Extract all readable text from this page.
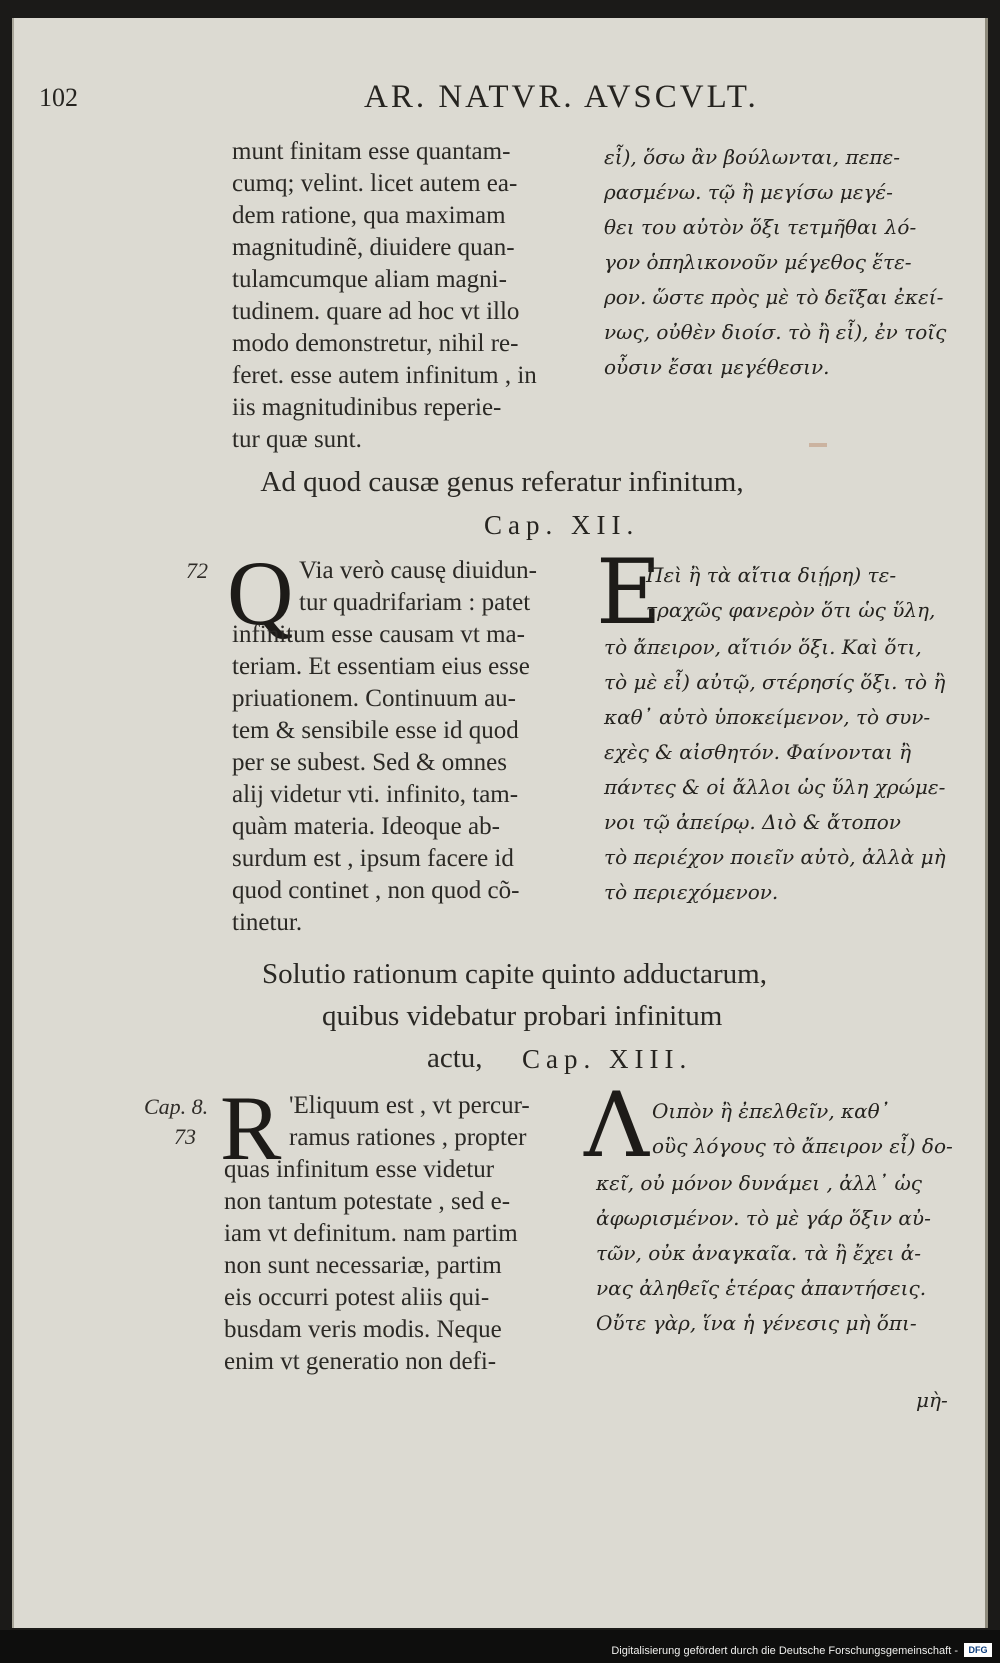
102	AR. NATVR. AVSCVLT.
munt finitam esse quantam-
cumq; velint. licet autem ea-
dem ratione, qua maximam
magnitudinẽ, diuidere quan-
tulamcumque aliam magni-
tudinem. quare ad hoc vt illo
modo demonstretur, nihil re-
feret. esse autem infinitum , in
iis magnitudinibus reperie-
tur quæ sunt.
εἶ), ὅσω ἂν βούλωνται, πεπε-
ρασμένω. τῷ ἢ μεγίσω μεγέ-
θει του αὐτὸν ὅξι τετμῆθαι λό-
γον ὁπηλικονοῦν μέγεθος ἕτε-
ρον. ὥστε πρὸς μὲ τὸ δεῖξαι ἐκεί-
νως, οὐθὲν διοίσ. τὸ ἢ εἶ), ἐν τοῖς
οὖσιν ἔσαι μεγέθεσιν.
Ad quod causæ genus referatur infinitum,
Cap. XII.
72 Q Via verò causę diuidun-
tur quadrifariam : patet
infinitum esse causam vt ma-
teriam. Et essentiam eius esse
priuationem. Continuum au-
tem & sensibile esse id quod
per se subest. Sed & omnes
alij videtur vti. infinito, tam-
quàm materia. Ideoque ab-
surdum est , ipsum facere id
quod continet , non quod cõ-
tinetur.
E
Πεὶ ἢ τὰ αἴτια διῄρη) τε-
τραχῶς φανερὸν ὅτι ὡς ὕλη,
τὸ ἄπειρον, αἴτιόν ὅξι. Καὶ ὅτι,
τὸ μὲ εἶ) αὐτῷ, στέρησίς ὅξι. τὸ ἢ
καθ᾽ αὑτὸ ὑποκείμενον, τὸ συν-
εχὲς & αἰσθητόν. Φαίνονται ἢ
πάντες & οἱ ἄλλοι ὡς ὕλη χρώμε-
νοι τῷ ἀπείρῳ. Διὸ & ἄτοπον
τὸ περιέχον ποιεῖν αὐτὸ, ἀλλὰ μὴ
τὸ περιεχόμενον.
Solutio rationum capite quinto adductarum,
quibus videbatur probari infinitum
actu, Cap. XIII.
Cap. 8.
73 R 'Eliquum est , vt percur-
ramus rationes , propter
quas infinitum esse videtur
non tantum potestate , sed e-
iam vt definitum. nam partim
non sunt necessariæ, partim
eis occurri potest aliis qui-
busdam veris modis. Neque
enim vt generatio non defi-
Λ Οιπὸν ἢ ἐπελθεῖν, καθ᾽
οὓς λόγους τὸ ἄπειρον εἶ) δο-
κεῖ, οὐ μόνον δυνάμει , ἀλλ᾽ ὡς
ἀφωρισμένον. τὸ μὲ γάρ ὅξιν αὐ-
τῶν, οὐκ ἀναγκαῖα. τὰ ἢ ἔχει ἀ-
νας ἀληθεῖς ἑτέρας ἀπαντήσεις.
Οὔτε γὰρ, ἵνα ἡ γένεσις μὴ ὅπι-
μὴ-
Digitalisierung gefördert durch die Deutsche Forschungsgemeinschaft -	DFG
